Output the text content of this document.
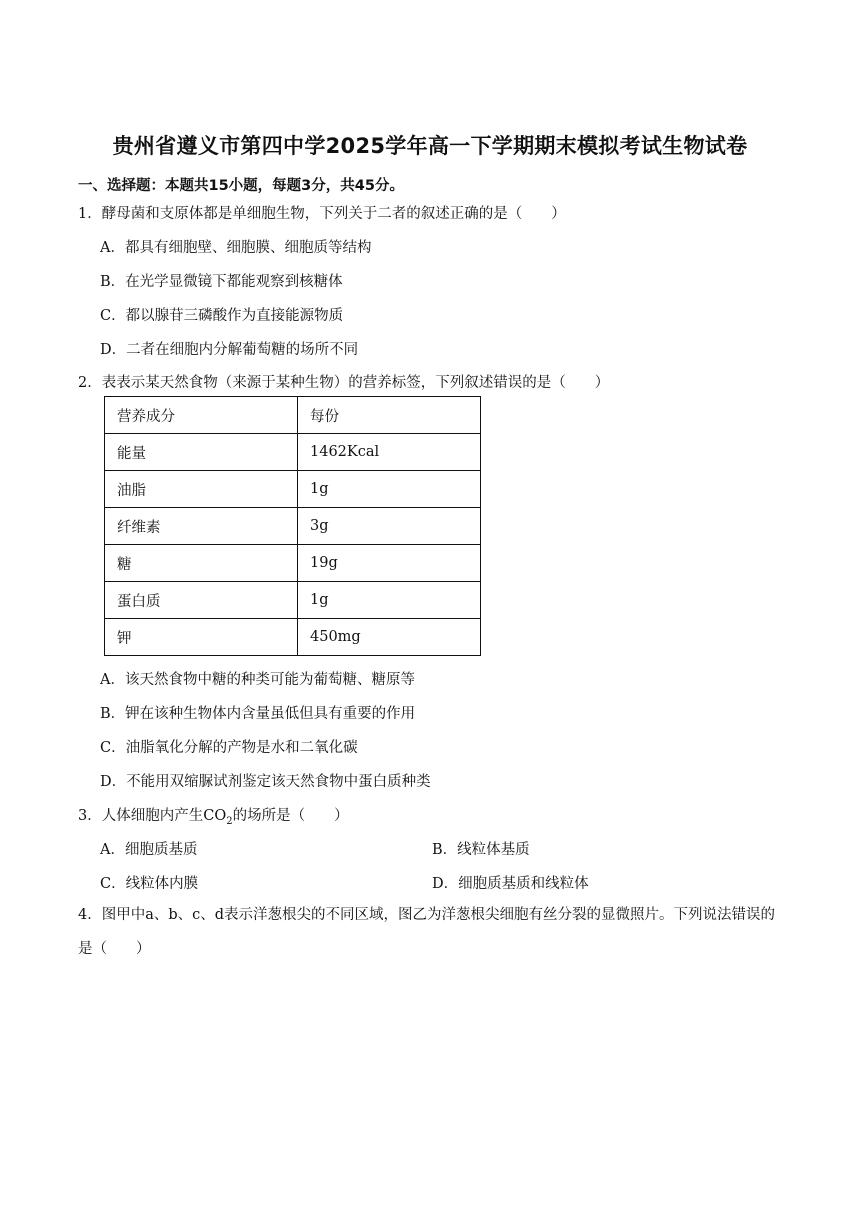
贵州省遵义市第四中学2025学年高一下学期期末模拟考试生物试卷
一、选择题：本题共15小题，每题3分，共45分。
1．酵母菌和支原体都是单细胞生物，下列关于二者的叙述正确的是（　　）
A．都具有细胞壁、细胞膜、细胞质等结构
B．在光学显微镜下都能观察到核糖体
C．都以腺苷三磷酸作为直接能源物质
D．二者在细胞内分解葡萄糖的场所不同
2．表表示某天然食物（来源于某种生物）的营养标签，下列叙述错误的是（　　）
营养成分	每份
能量	1462Kcal
油脂	1g
纤维素	3g
糖	19g
蛋白质	1g
钾	450mg
A．该天然食物中糖的种类可能为葡萄糖、糖原等
B．钾在该种生物体内含量虽低但具有重要的作用
C．油脂氧化分解的产物是水和二氧化碳
D．不能用双缩脲试剂鉴定该天然食物中蛋白质种类
3．人体细胞内产生$CO_2$的场所是（　　）
A．细胞质基质	B．线粒体基质
C．线粒体内膜	D．细胞质基质和线粒体
4．图甲中a、b、c、d表示洋葱根尖的不同区域，图乙为洋葱根尖细胞有丝分裂的显微照片。下列说法错误的是（　　）
